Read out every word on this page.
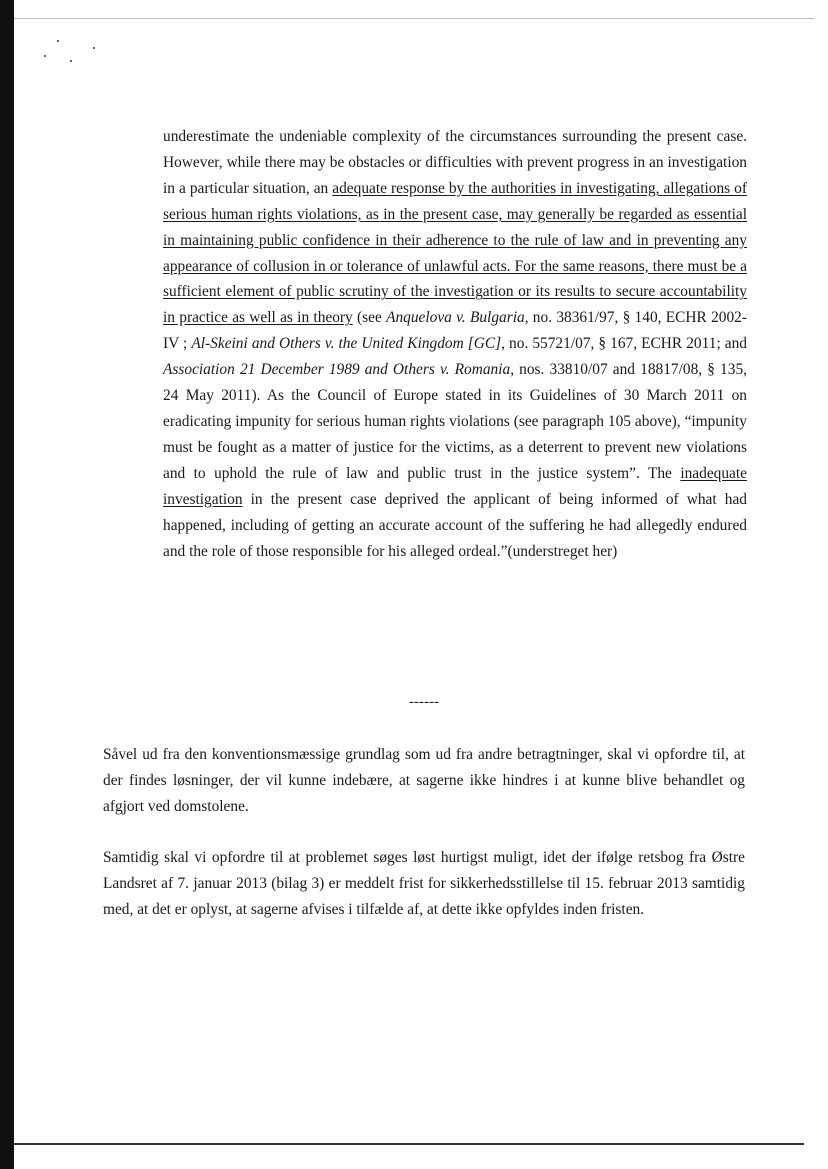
underestimate the undeniable complexity of the circumstances surrounding the present case. However, while there may be obstacles or difficulties with prevent progress in an investigation in a particular situation, an adequate response by the authorities in investigating, allegations of serious human rights violations, as in the present case, may generally be regarded as essential in maintaining public confidence in their adherence to the rule of law and in preventing any appearance of collusion in or tolerance of unlawful acts. For the same reasons, there must be a sufficient element of public scrutiny of the investigation or its results to secure accountability in practice as well as in theory (see Anquelova v. Bulgaria, no. 38361/97, § 140, ECHR 2002-IV ; Al-Skeini and Others v. the United Kingdom [GC], no. 55721/07, § 167, ECHR 2011; and Association 21 December 1989 and Others v. Romania, nos. 33810/07 and 18817/08, § 135, 24 May 2011). As the Council of Europe stated in its Guidelines of 30 March 2011 on eradicating impunity for serious human rights violations (see paragraph 105 above), “impunity must be fought as a matter of justice for the victims, as a deterrent to prevent new violations and to uphold the rule of law and public trust in the justice system”. The inadequate investigation in the present case deprived the applicant of being informed of what had happened, including of getting an accurate account of the suffering he had allegedly endured and the role of those responsible for his alleged ordeal.”(understreget her)

------

Såvel ud fra den konventionsmæssige grundlag som ud fra andre betragtninger, skal vi opfordre til, at der findes løsninger, der vil kunne indebære, at sagerne ikke hindres i at kunne blive behandlet og afgjort ved domstolene.

Samtidig skal vi opfordre til at problemet søges løst hurtigst muligt, idet der ifølge retsbog fra Østre Landsret af 7. januar 2013 (bilag 3) er meddelt frist for sikkerhedsstillelse til 15. februar 2013 samtidig med, at det er oplyst, at sagerne afvises i tilfælde af, at dette ikke opfyldes inden fristen.
